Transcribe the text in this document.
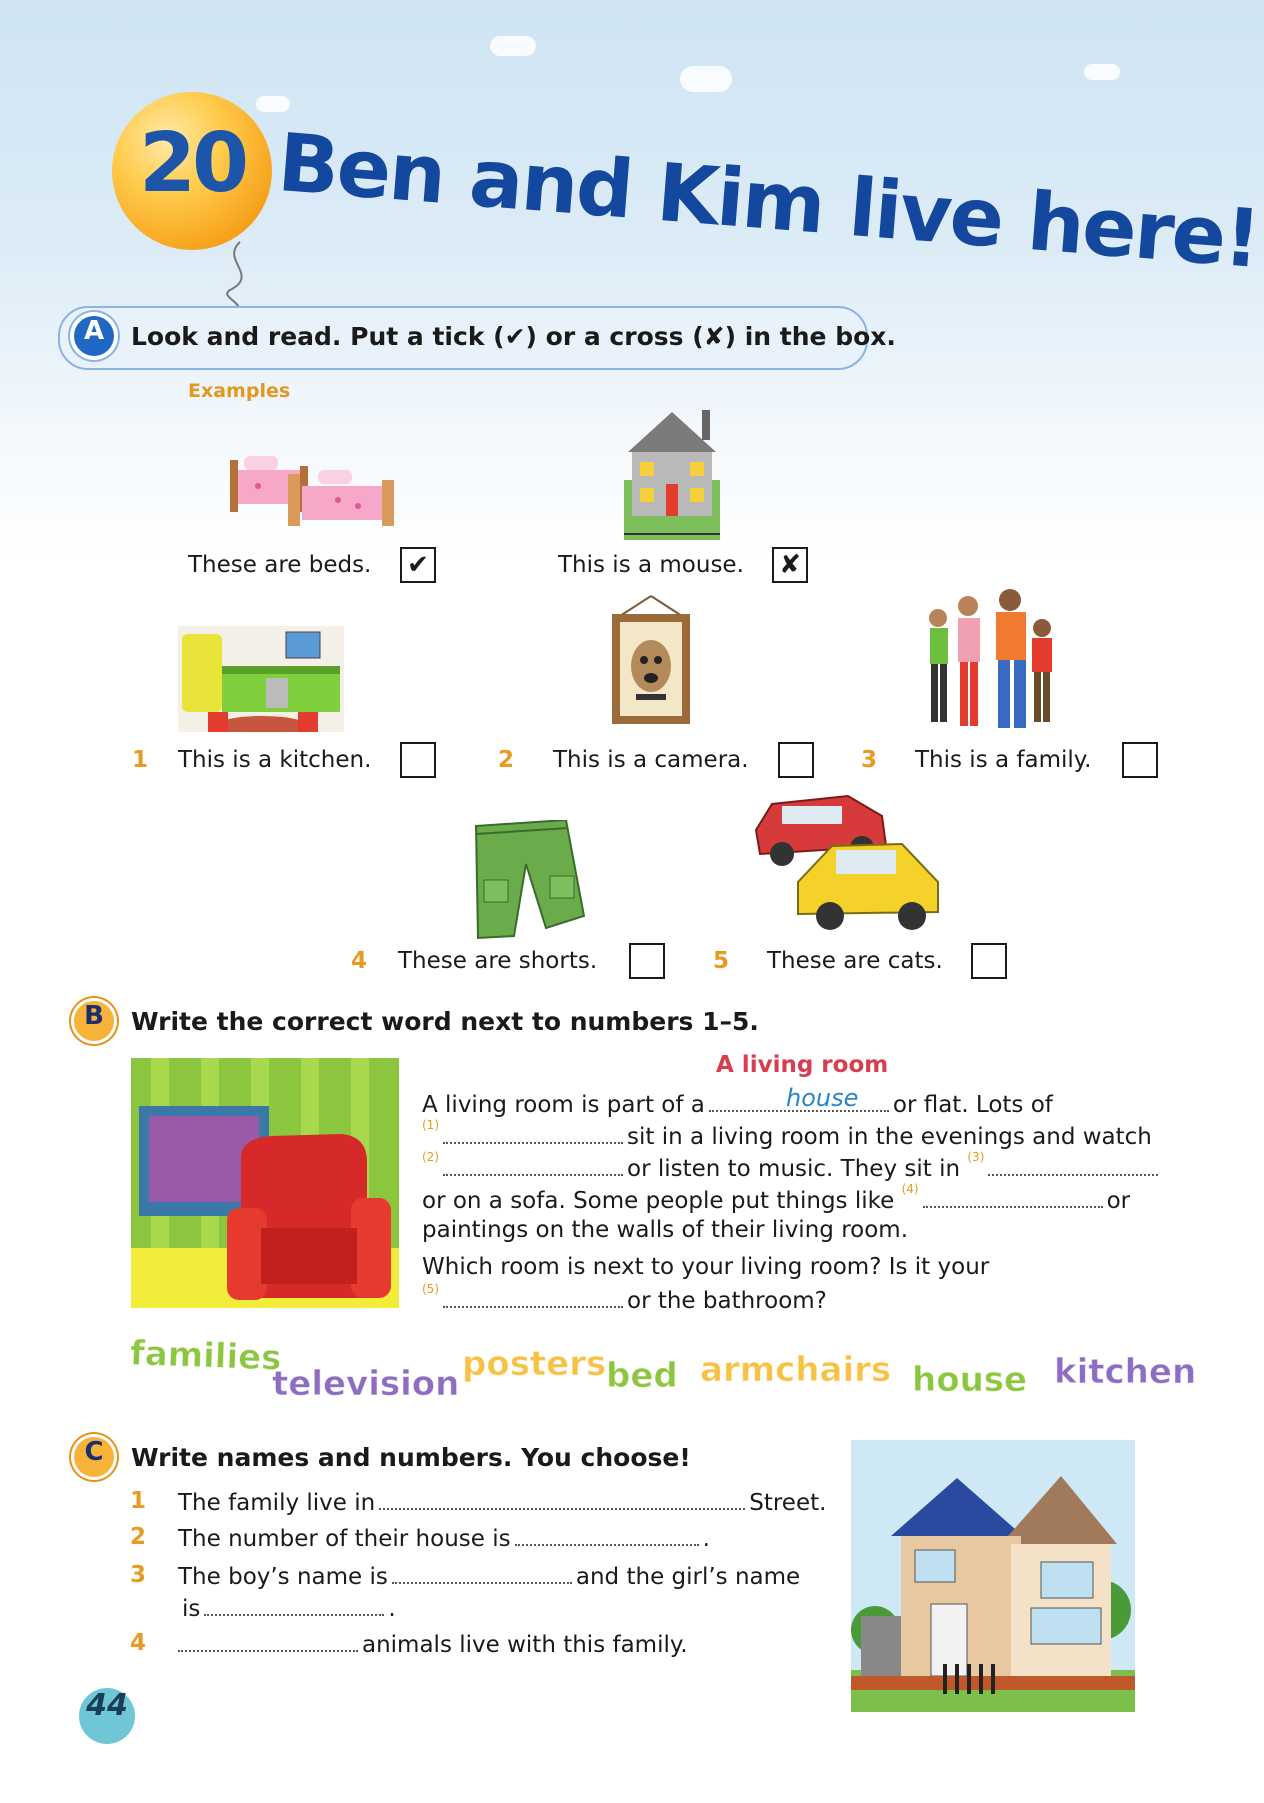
20 Ben and Kim live here!
A	Look and read. Put a tick (✔) or a cross (✘) in the box.
Examples
These are beds. ✔	This is a mouse. ✘
1 This is a kitchen.	2 This is a camera.	3 This is a family.
4 These are shorts.	5 These are cats.
B	Write the correct word next to numbers 1–5.
A living room
A living room is part of a	or flat. Lots of
house
$^{(1)}$	sit in a living room in the evenings and watch
$^{(2)}$	or listen to music. They sit in $^{(3)}$
or on a sofa. Some people put things like $^{(4)}$	or
paintings on the walls of their living room.
Which room is next to your living room? Is it your
$^{(5)}$	or the bathroom?
families
television posters bed armchairs house kitchen
C	Write names and numbers. You choose!
1 The family live in	Street.
2 The number of their house is	.
3 The boy’s name is	and the girl’s name
is	.
4	animals live with this family.
44
